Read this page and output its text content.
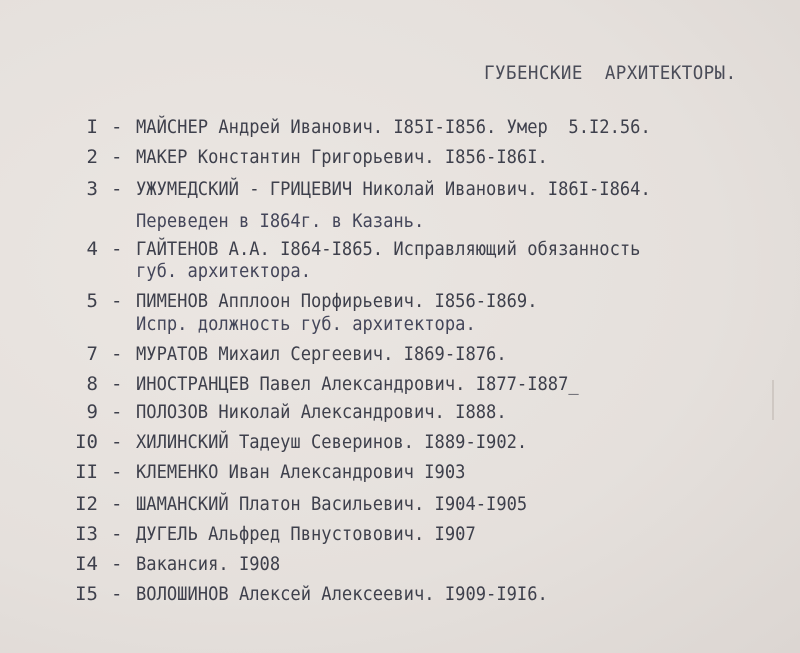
ГУБЕНСКИЕ  АРХИТЕКТОРЫ.
I - МАЙСНЕР Андрей Иванович. I85I-I856. Умер  5.I2.56.
2 - МАКЕР Константин Григорьевич. I856-I86I.
3 - УЖУМЕДСКИЙ - ГРИЦЕВИЧ Николай Иванович. I86I-I864.
Переведен в I864г. в Казань.
4 - ГАЙТЕНОВ А.А. I864-I865. Исправляющий обязанность
губ. архитектора.
5 - ПИМЕНОВ Апплоон Порфирьевич. I856-I869.
Испр. должность губ. архитектора.
7 - МУРАТОВ Михаил Сергеевич. I869-I876.
8 - ИНОСТРАНЦЕВ Павел Александрович. I877-I887_
9 - ПОЛОЗОВ Николай Александрович. I888.
I0 - ХИЛИНСКИЙ Тадеуш Северинов. I889-I902.
II - КЛЕМЕНКО Иван Александрович I903
I2 - ШАМАНСКИЙ Платон Васильевич. I904-I905
I3 - ДУГЕЛЬ Альфред Пвнустовович. I907
I4 - Вакансия. I908
I5 - ВОЛОШИНОВ Алексей Алексеевич. I909-I9I6.
